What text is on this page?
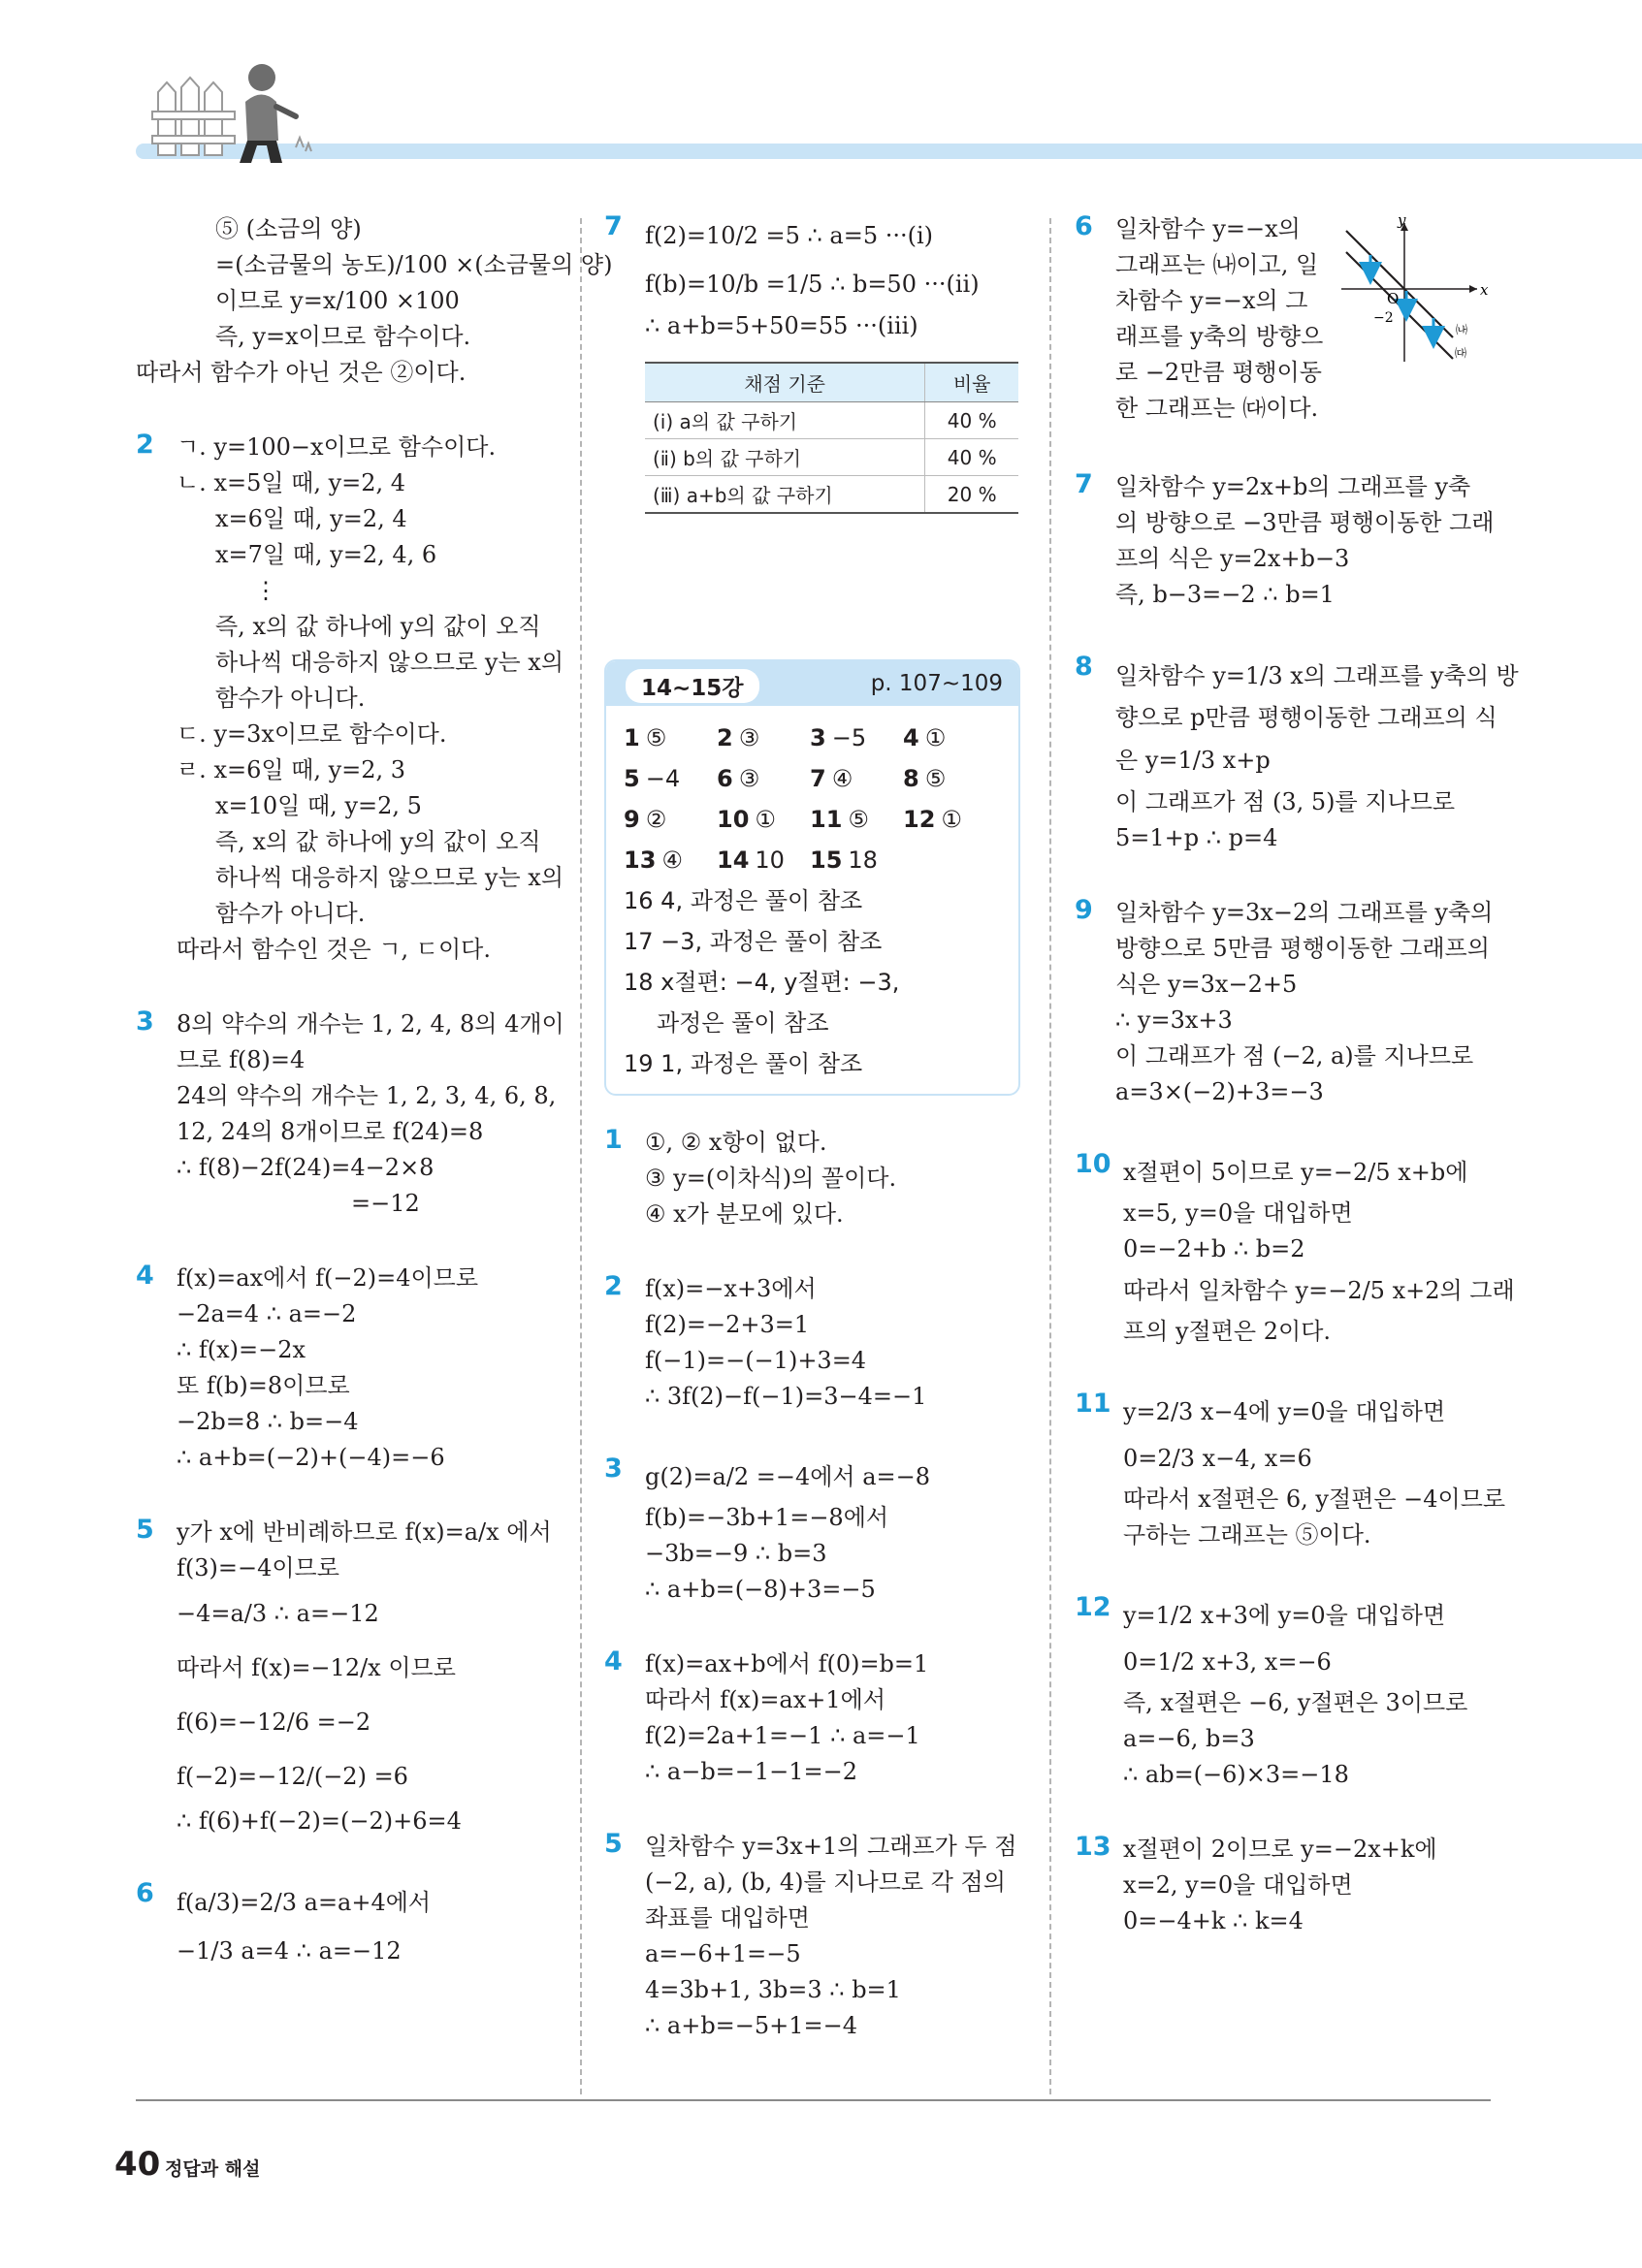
⑤ (소금의 양)
=(소금물의 농도)/100 ×(소금물의 양)
이므로 y=x/100 ×100
즉, y=x이므로 함수이다.
따라서 함수가 아닌 것은 ②이다.
2 ㄱ. y=100−x이므로 함수이다.
ㄴ. x=5일 때, y=2, 4
x=6일 때, y=2, 4
x=7일 때, y=2, 4, 6
⋮
즉, x의 값 하나에 y의 값이 오직
하나씩 대응하지 않으므로 y는 x의
함수가 아니다.
ㄷ. y=3x이므로 함수이다.
ㄹ. x=6일 때, y=2, 3
x=10일 때, y=2, 5
즉, x의 값 하나에 y의 값이 오직
하나씩 대응하지 않으므로 y는 x의
함수가 아니다.
따라서 함수인 것은 ㄱ, ㄷ이다.
3 8의 약수의 개수는 1, 2, 4, 8의 4개이
므로 f(8)=4
24의 약수의 개수는 1, 2, 3, 4, 6, 8,
12, 24의 8개이므로 f(24)=8
∴ f(8)−2f(24)=4−2×8
=−12
4 f(x)=ax에서 f(−2)=4이므로
−2a=4 ∴ a=−2
∴ f(x)=−2x
또 f(b)=8이므로
−2b=8 ∴ b=−4
∴ a+b=(−2)+(−4)=−6
5 y가 x에 반비례하므로 f(x)=a/x 에서
f(3)=−4이므로
−4=a/3 ∴ a=−12
따라서 f(x)=−12/x 이므로
f(6)=−12/6 =−2
f(−2)=−12/(−2) =6
∴ f(6)+f(−2)=(−2)+6=4
6 f(a/3)=2/3 a=a+4에서
−1/3 a=4 ∴ a=−12
7 f(2)=10/2 =5 ∴ a=5 ···(ⅰ)
f(b)=10/b =1/5 ∴ b=50 ···(ⅱ)
∴ a+b=5+50=55 ···(ⅲ)
채점 기준	비율
(ⅰ) a의 값 구하기	40 %
(ⅱ) b의 값 구하기	40 %
(ⅲ) a+b의 값 구하기	20 %
14~15강	p. 107~109
1 ⑤ 2 ③ 3 −5 4 ①
5 −4 6 ③ 7 ④ 8 ⑤
9 ② 10 ① 11 ⑤ 12 ①
13 ④ 14 10 15 18
16 4, 과정은 풀이 참조
17 −3, 과정은 풀이 참조
18 x절편: −4, y절편: −3,
과정은 풀이 참조
19 1, 과정은 풀이 참조
1 ①, ② x항이 없다.
③ y=(이차식)의 꼴이다.
④ x가 분모에 있다.
2 f(x)=−x+3에서
f(2)=−2+3=1
f(−1)=−(−1)+3=4
∴ 3f(2)−f(−1)=3−4=−1
3 g(2)=a/2 =−4에서 a=−8
f(b)=−3b+1=−8에서
−3b=−9 ∴ b=3
∴ a+b=(−8)+3=−5
4 f(x)=ax+b에서 f(0)=b=1
따라서 f(x)=ax+1에서
f(2)=2a+1=−1 ∴ a=−1
∴ a−b=−1−1=−2
5 일차함수 y=3x+1의 그래프가 두 점
(−2, a), (b, 4)를 지나므로 각 점의
좌표를 대입하면
a=−6+1=−5
4=3b+1, 3b=3 ∴ b=1
∴ a+b=−5+1=−4
6 일차함수 y=−x의
그래프는 ㈏이고, 일
차함수 y=−x의 그
래프를 y축의 방향으
로 −2만큼 평행이동
한 그래프는 ㈐이다.
y
x
O
−2
㈏
㈐
7 일차함수 y=2x+b의 그래프를 y축
의 방향으로 −3만큼 평행이동한 그래
프의 식은 y=2x+b−3
즉, b−3=−2 ∴ b=1
8 일차함수 y=1/3 x의 그래프를 y축의 방
향으로 p만큼 평행이동한 그래프의 식
은 y=1/3 x+p
이 그래프가 점 (3, 5)를 지나므로
5=1+p ∴ p=4
9 일차함수 y=3x−2의 그래프를 y축의
방향으로 5만큼 평행이동한 그래프의
식은 y=3x−2+5
∴ y=3x+3
이 그래프가 점 (−2, a)를 지나므로
a=3×(−2)+3=−3
10 x절편이 5이므로 y=−2/5 x+b에
x=5, y=0을 대입하면
0=−2+b ∴ b=2
따라서 일차함수 y=−2/5 x+2의 그래
프의 y절편은 2이다.
11 y=2/3 x−4에 y=0을 대입하면
0=2/3 x−4, x=6
따라서 x절편은 6, y절편은 −4이므로
구하는 그래프는 ⑤이다.
12 y=1/2 x+3에 y=0을 대입하면
0=1/2 x+3, x=−6
즉, x절편은 −6, y절편은 3이므로
a=−6, b=3
∴ ab=(−6)×3=−18
13 x절편이 2이므로 y=−2x+k에
x=2, y=0을 대입하면
0=−4+k ∴ k=4
40 정답과 해설
